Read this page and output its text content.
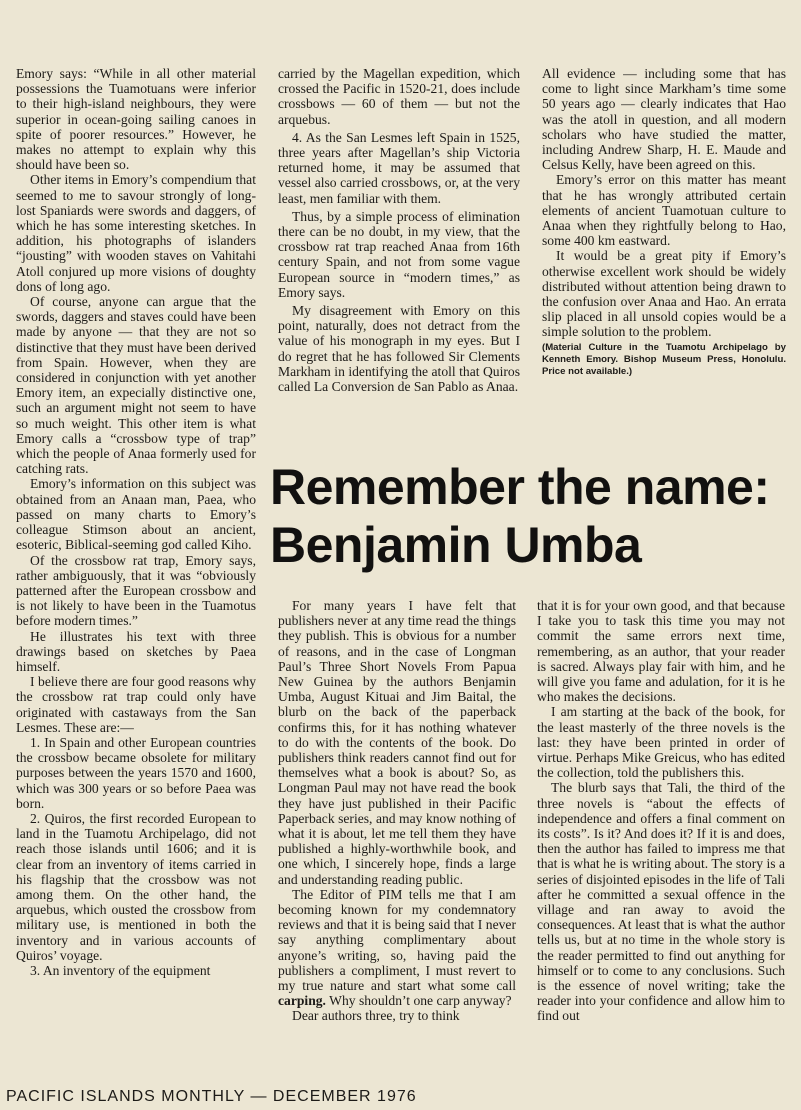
Emory says: “While in all other material possessions the Tuamotuans were inferior to their high-island neighbours, they were superior in ocean-going sailing canoes in spite of poorer resources.” However, he makes no attempt to explain why this should have been so.

Other items in Emory’s compendium that seemed to me to savour strongly of long-lost Spaniards were swords and daggers, of which he has some interesting sketches. In addition, his photographs of islanders “jousting” with wooden staves on Vahitahi Atoll conjured up more visions of doughty dons of long ago.

Of course, anyone can argue that the swords, daggers and staves could have been made by anyone — that they are not so distinctive that they must have been derived from Spain. However, when they are considered in conjunction with yet another Emory item, an expecially distinctive one, such an argument might not seem to have so much weight. This other item is what Emory calls a “crossbow type of trap” which the people of Anaa formerly used for catching rats.

Emory’s information on this subject was obtained from an Anaan man, Paea, who passed on many charts to Emory’s colleague Stimson about an ancient, esoteric, Biblical-seeming god called Kiho.

Of the crossbow rat trap, Emory says, rather ambiguously, that it was “obviously patterned after the European crossbow and is not likely to have been in the Tuamotus before modern times.”

He illustrates his text with three drawings based on sketches by Paea himself.

I believe there are four good reasons why the crossbow rat trap could only have originated with castaways from the San Lesmes. These are:—

1. In Spain and other European countries the crossbow became obsolete for military purposes between the years 1570 and 1600, which was 300 years or so before Paea was born.

2. Quiros, the first recorded European to land in the Tuamotu Archipelago, did not reach those islands until 1606; and it is clear from an inventory of items carried in his flagship that the crossbow was not among them. On the other hand, the arquebus, which ousted the crossbow from military use, is mentioned in both the inventory and in various accounts of Quiros’ voyage.

3. An inventory of the equipment

carried by the Magellan expedition, which crossed the Pacific in 1520-21, does include crossbows — 60 of them — but not the arquebus.

4. As the San Lesmes left Spain in 1525, three years after Magellan’s ship Victoria returned home, it may be assumed that vessel also carried crossbows, or, at the very least, men familiar with them.

Thus, by a simple process of elimination there can be no doubt, in my view, that the crossbow rat trap reached Anaa from 16th century Spain, and not from some vague European source in “modern times,” as Emory says.

My disagreement with Emory on this point, naturally, does not detract from the value of his monograph in my eyes. But I do regret that he has followed Sir Clements Markham in identifying the atoll that Quiros called La Conversion de San Pablo as Anaa.

All evidence — including some that has come to light since Markham’s time some 50 years ago — clearly indicates that Hao was the atoll in question, and all modern scholars who have studied the matter, including Andrew Sharp, H. E. Maude and Celsus Kelly, have been agreed on this.

Emory’s error on this matter has meant that he has wrongly attributed certain elements of ancient Tuamotuan culture to Anaa when they rightfully belong to Hao, some 400 km eastward.

It would be a great pity if Emory’s otherwise excellent work should be widely distributed without attention being drawn to the confusion over Anaa and Hao. An errata slip placed in all unsold copies would be a simple solution to the problem.

(Material Culture in the Tuamotu Archipelago by Kenneth Emory. Bishop Museum Press, Honolulu. Price not available.)

Remember the name:
Benjamin Umba

For many years I have felt that publishers never at any time read the things they publish. This is obvious for a number of reasons, and in the case of Longman Paul’s Three Short Novels From Papua New Guinea by the authors Benjamin Umba, August Kituai and Jim Baital, the blurb on the back of the paperback confirms this, for it has nothing whatever to do with the contents of the book. Do publishers think readers cannot find out for themselves what a book is about? So, as Longman Paul may not have read the book they have just published in their Pacific Paperback series, and may know nothing of what it is about, let me tell them they have published a highly-worthwhile book, and one which, I sincerely hope, finds a large and understanding reading public.

The Editor of PIM tells me that I am becoming known for my condemnatory reviews and that it is being said that I never say anything complimentary about anyone’s writing, so, having paid the publishers a compliment, I must revert to my true nature and start what some call carping. Why shouldn’t one carp anyway?

Dear authors three, try to think

that it is for your own good, and that because I take you to task this time you may not commit the same errors next time, remembering, as an author, that your reader is sacred. Always play fair with him, and he will give you fame and adulation, for it is he who makes the decisions.

I am starting at the back of the book, for the least masterly of the three novels is the last: they have been printed in order of virtue. Perhaps Mike Greicus, who has edited the collection, told the publishers this.

The blurb says that Tali, the third of the three novels is “about the effects of independence and offers a final comment on its costs”. Is it? And does it? If it is and does, then the author has failed to impress me that that is what he is writing about. The story is a series of disjointed episodes in the life of Tali after he committed a sexual offence in the village and ran away to avoid the consequences. At least that is what the author tells us, but at no time in the whole story is the reader permitted to find out anything for himself or to come to any conclusions. Such is the essence of novel writing; take the reader into your confidence and allow him to find out

PACIFIC ISLANDS MONTHLY — DECEMBER 1976
